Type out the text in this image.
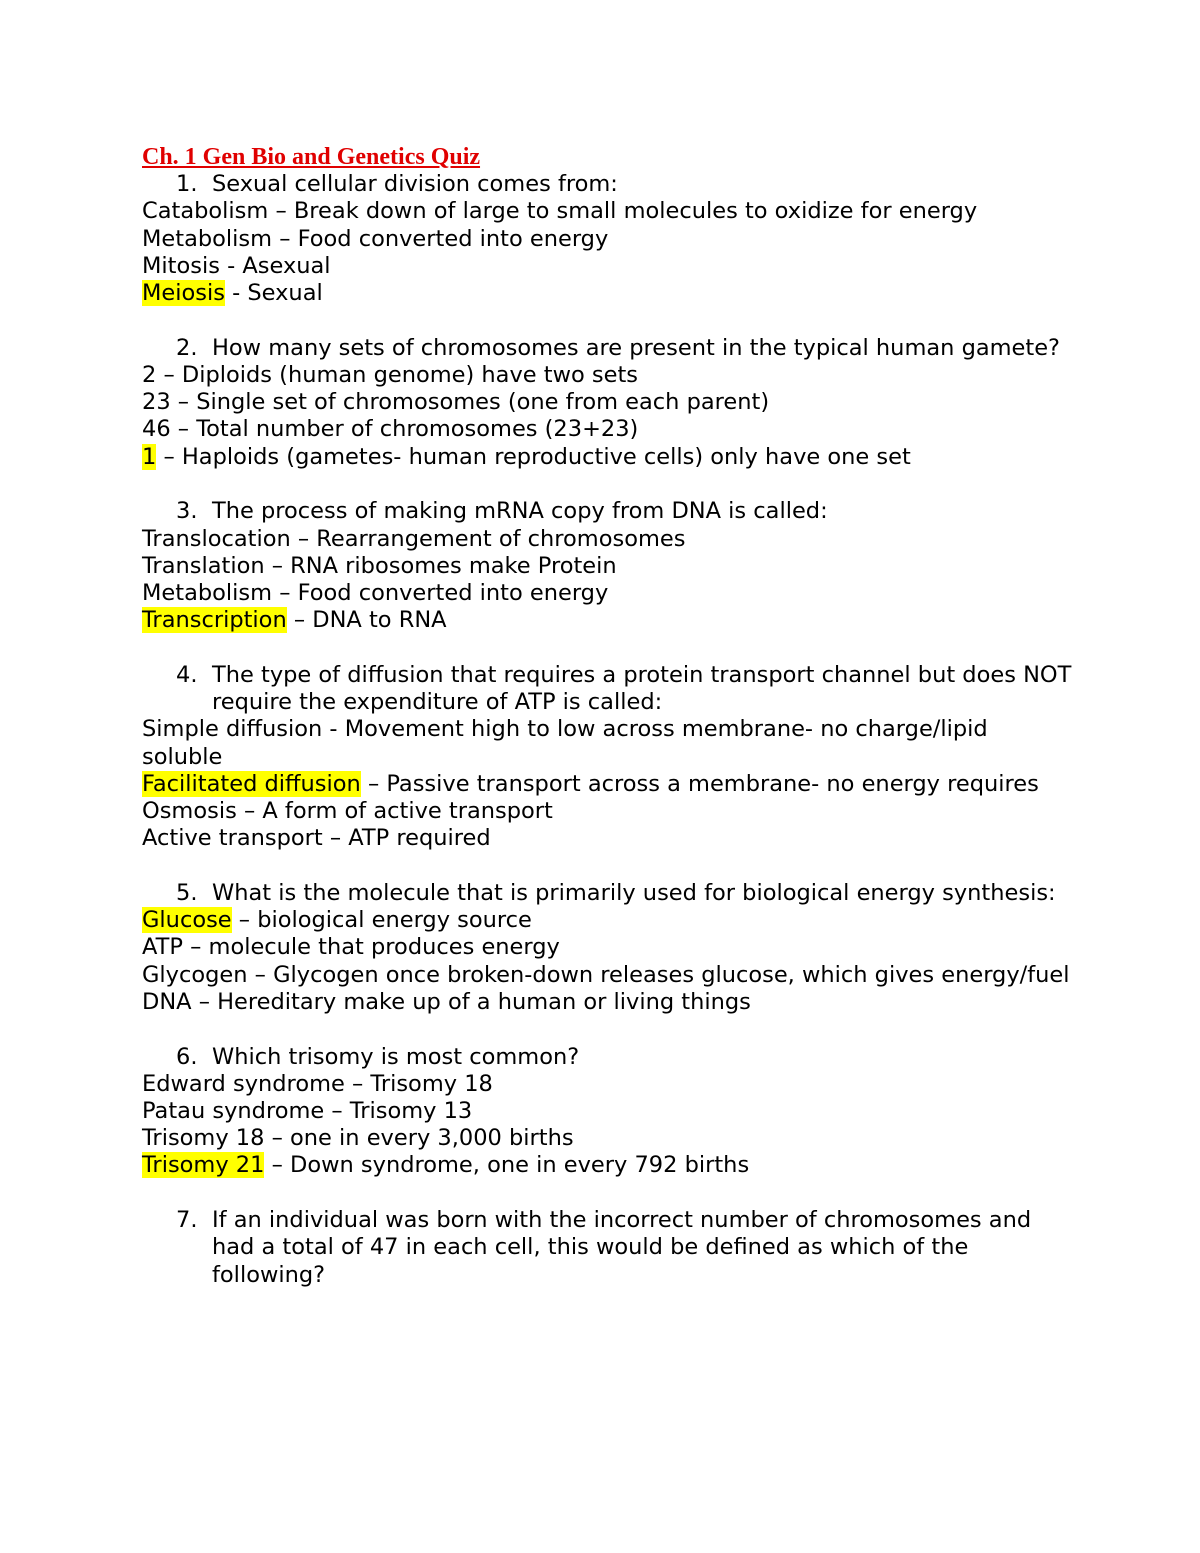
Ch. 1 Gen Bio and Genetics Quiz
1. Sexual cellular division comes from:
Catabolism – Break down of large to small molecules to oxidize for energy
Metabolism – Food converted into energy
Mitosis - Asexual
Meiosis - Sexual
2. How many sets of chromosomes are present in the typical human gamete?
2 – Diploids (human genome) have two sets
23 – Single set of chromosomes (one from each parent)
46 – Total number of chromosomes (23+23)
1 – Haploids (gametes- human reproductive cells) only have one set
3. The process of making mRNA copy from DNA is called:
Translocation – Rearrangement of chromosomes
Translation – RNA ribosomes make Protein
Metabolism – Food converted into energy
Transcription – DNA to RNA
4. The type of diffusion that requires a protein transport channel but does NOT require the expenditure of ATP is called:
Simple diffusion - Movement high to low across membrane- no charge/lipid soluble
Facilitated diffusion – Passive transport across a membrane- no energy requires
Osmosis – A form of active transport
Active transport – ATP required
5. What is the molecule that is primarily used for biological energy synthesis:
Glucose – biological energy source
ATP – molecule that produces energy
Glycogen – Glycogen once broken-down releases glucose, which gives energy/fuel
DNA – Hereditary make up of a human or living things
6. Which trisomy is most common?
Edward syndrome – Trisomy 18
Patau syndrome – Trisomy 13
Trisomy 18 – one in every 3,000 births
Trisomy 21 – Down syndrome, one in every 792 births
7. If an individual was born with the incorrect number of chromosomes and had a total of 47 in each cell, this would be defined as which of the following?
